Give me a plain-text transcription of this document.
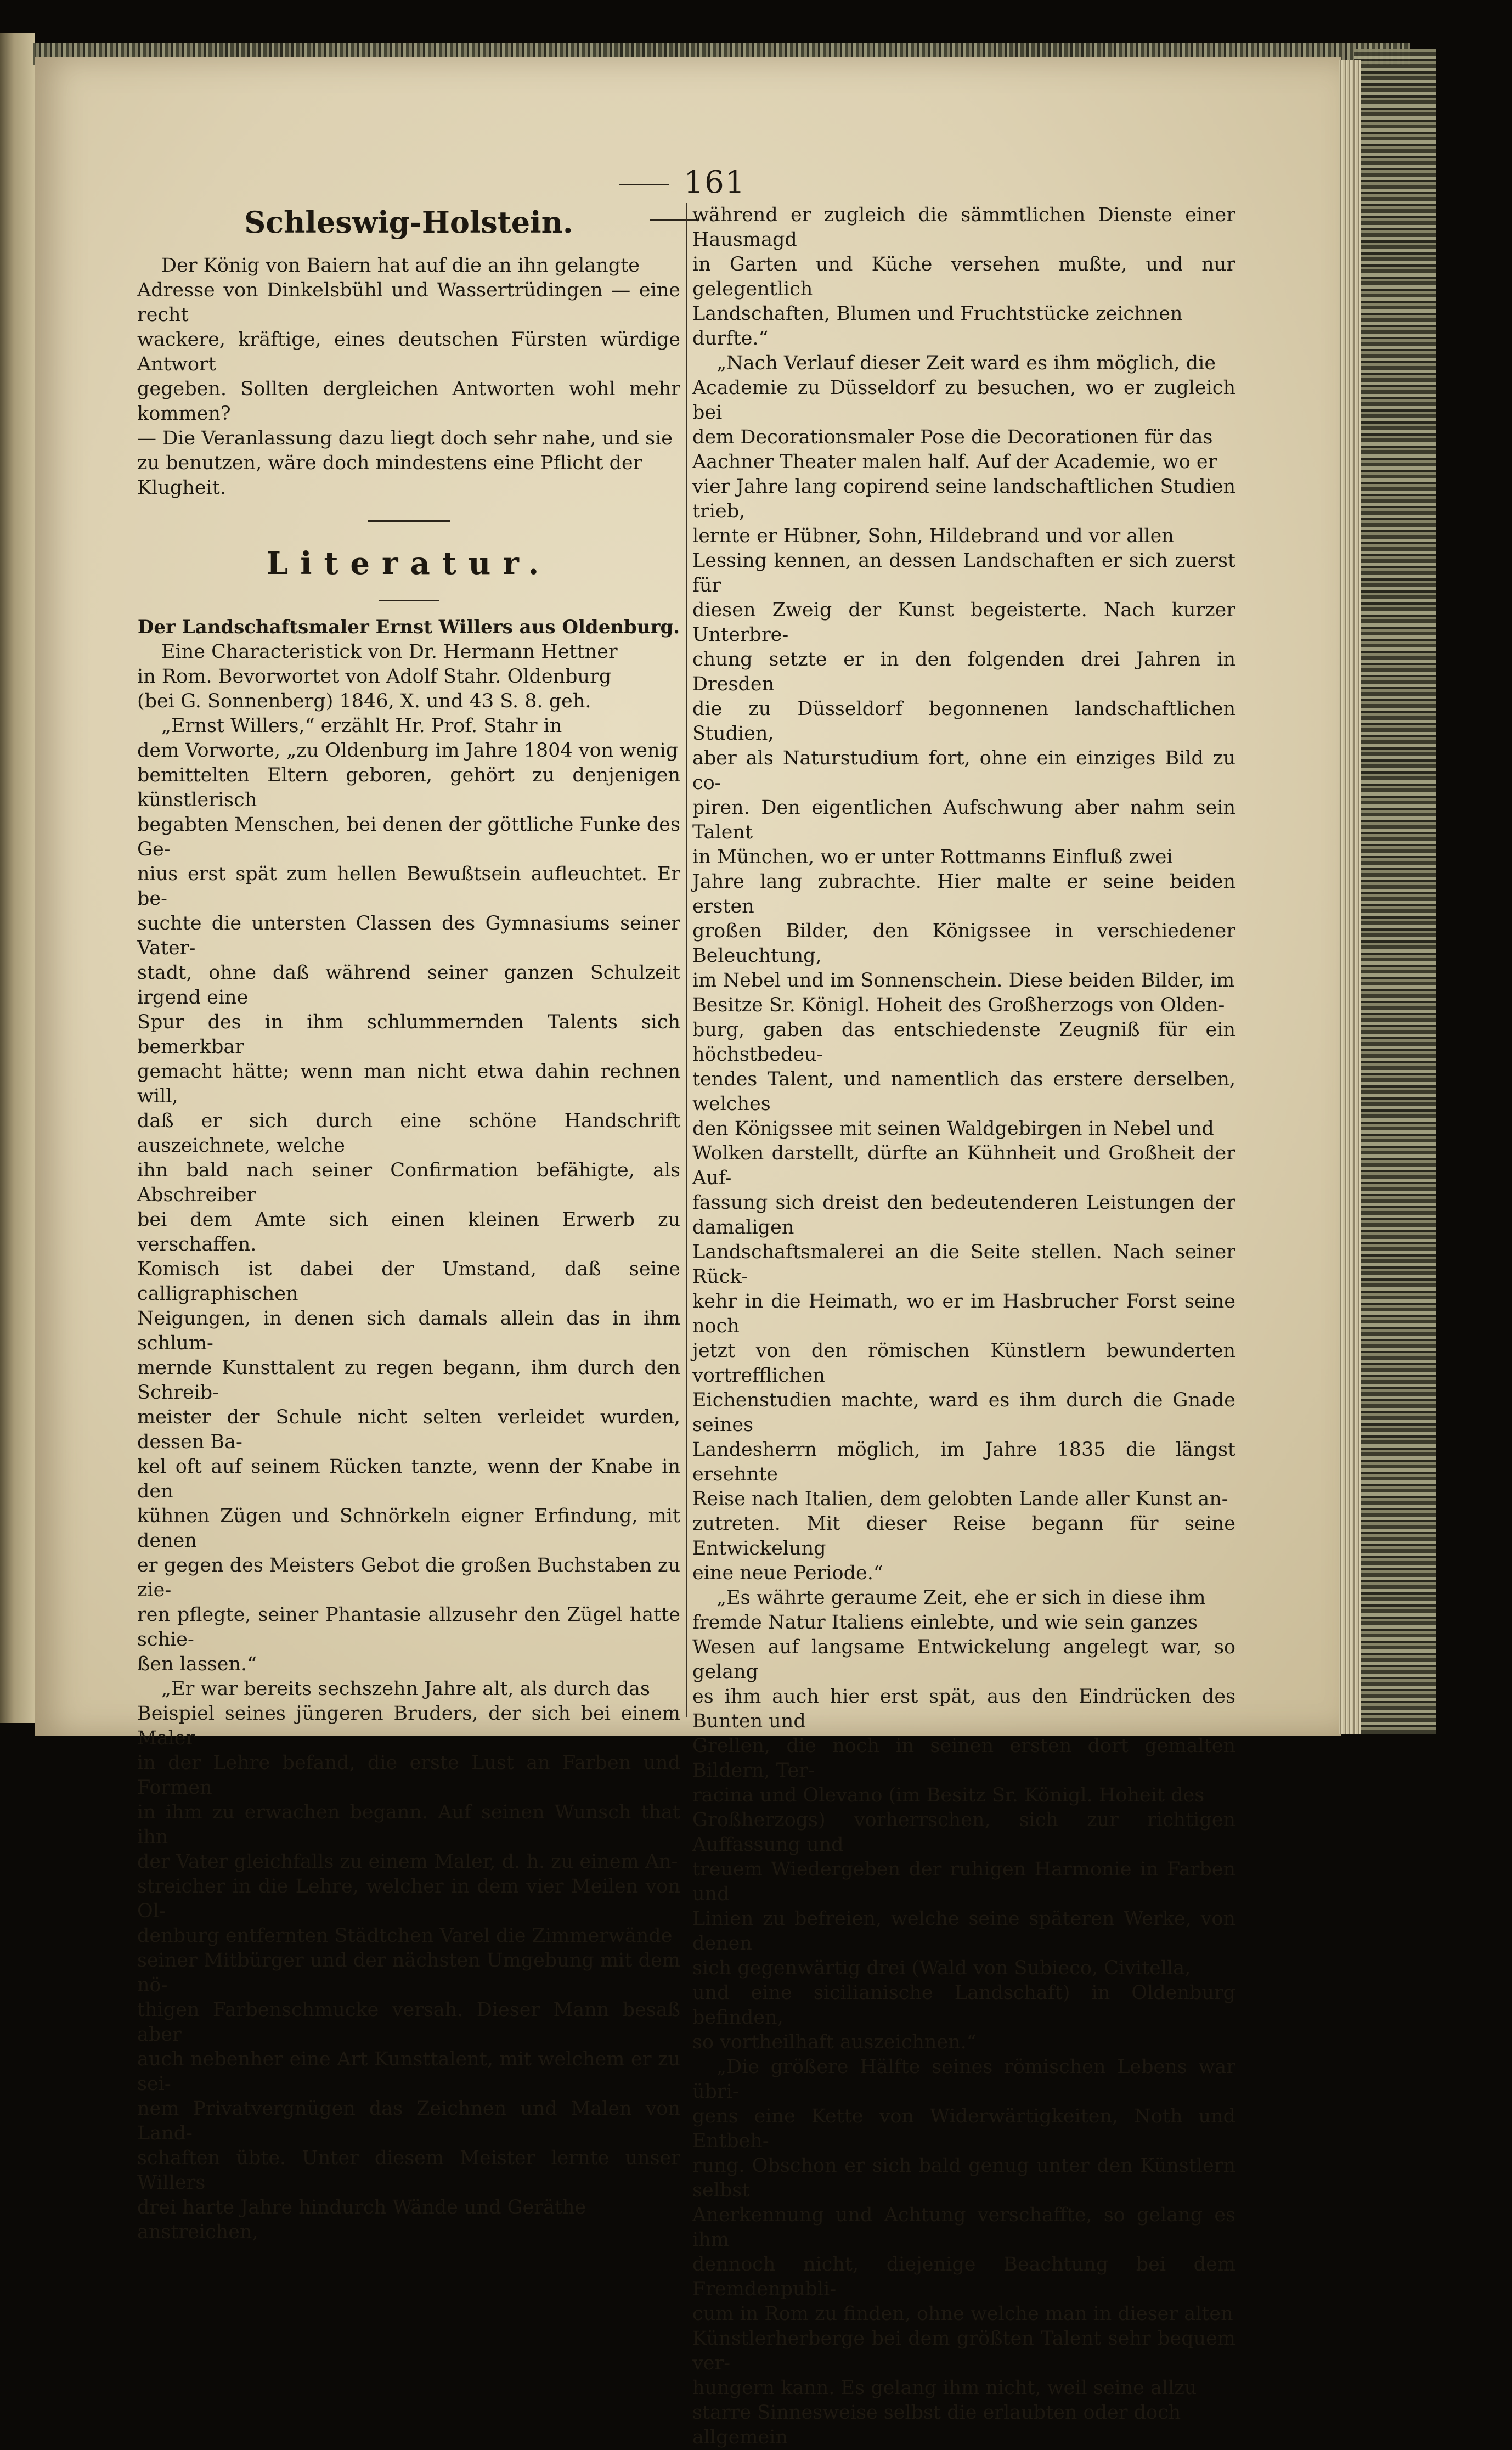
161
Schleswig-Holstein.

Der König von Baiern hat auf die an ihn gelangte

Adresse von Dinkelsbühl und Wassertrüdingen — eine recht

wackere, kräftige, eines deutschen Fürsten würdige Antwort

gegeben. Sollten dergleichen Antworten wohl mehr kommen?

— Die Veranlassung dazu liegt doch sehr nahe, und sie

zu benutzen, wäre doch mindestens eine Pflicht der

Klugheit.

Literatur.
Der Landschaftsmaler Ernst Willers aus Oldenburg.

Eine Characteristick von Dr. Hermann Hettner

in Rom. Bevorwortet von Adolf Stahr. Oldenburg

(bei G. Sonnenberg) 1846, X. und 43 S. 8. geh.

„Ernst Willers,“ erzählt Hr. Prof. Stahr in

dem Vorworte, „zu Oldenburg im Jahre 1804 von wenig

bemittelten Eltern geboren, gehört zu denjenigen künstlerisch

begabten Menschen, bei denen der göttliche Funke des Ge-

nius erst spät zum hellen Bewußtsein aufleuchtet. Er be-

suchte die untersten Classen des Gymnasiums seiner Vater-

stadt, ohne daß während seiner ganzen Schulzeit irgend eine

Spur des in ihm schlummernden Talents sich bemerkbar

gemacht hätte; wenn man nicht etwa dahin rechnen will,

daß er sich durch eine schöne Handschrift auszeichnete, welche

ihn bald nach seiner Confirmation befähigte, als Abschreiber

bei dem Amte sich einen kleinen Erwerb zu verschaffen.

Komisch ist dabei der Umstand, daß seine calligraphischen

Neigungen, in denen sich damals allein das in ihm schlum-

mernde Kunsttalent zu regen begann, ihm durch den Schreib-

meister der Schule nicht selten verleidet wurden, dessen Ba-

kel oft auf seinem Rücken tanzte, wenn der Knabe in den

kühnen Zügen und Schnörkeln eigner Erfindung, mit denen

er gegen des Meisters Gebot die großen Buchstaben zu zie-

ren pflegte, seiner Phantasie allzusehr den Zügel hatte schie-

ßen lassen.“

„Er war bereits sechszehn Jahre alt, als durch das

Beispiel seines jüngeren Bruders, der sich bei einem Maler

in der Lehre befand, die erste Lust an Farben und Formen

in ihm zu erwachen begann. Auf seinen Wunsch that ihn

der Vater gleichfalls zu einem Maler, d. h. zu einem An-

streicher in die Lehre, welcher in dem vier Meilen von Ol-

denburg entfernten Städtchen Varel die Zimmerwände

seiner Mitbürger und der nächsten Umgebung mit dem nö-

thigen Farbenschmucke versah. Dieser Mann besaß aber

auch nebenher eine Art Kunsttalent, mit welchem er zu sei-

nem Privatvergnügen das Zeichnen und Malen von Land-

schaften übte. Unter diesem Meister lernte unser Willers

drei harte Jahre hindurch Wände und Geräthe anstreichen,

während er zugleich die sämmtlichen Dienste einer Hausmagd

in Garten und Küche versehen mußte, und nur gelegentlich

Landschaften, Blumen und Fruchtstücke zeichnen durfte.“

„Nach Verlauf dieser Zeit ward es ihm möglich, die

Academie zu Düsseldorf zu besuchen, wo er zugleich bei

dem Decorationsmaler Pose die Decorationen für das

Aachner Theater malen half. Auf der Academie, wo er

vier Jahre lang copirend seine landschaftlichen Studien trieb,

lernte er Hübner, Sohn, Hildebrand und vor allen

Lessing kennen, an dessen Landschaften er sich zuerst für

diesen Zweig der Kunst begeisterte. Nach kurzer Unterbre-

chung setzte er in den folgenden drei Jahren in Dresden

die zu Düsseldorf begonnenen landschaftlichen Studien,

aber als Naturstudium fort, ohne ein einziges Bild zu co-

piren. Den eigentlichen Aufschwung aber nahm sein Talent

in München, wo er unter Rottmanns Einfluß zwei

Jahre lang zubrachte. Hier malte er seine beiden ersten

großen Bilder, den Königssee in verschiedener Beleuchtung,

im Nebel und im Sonnenschein. Diese beiden Bilder, im

Besitze Sr. Königl. Hoheit des Großherzogs von Olden-

burg, gaben das entschiedenste Zeugniß für ein höchstbedeu-

tendes Talent, und namentlich das erstere derselben, welches

den Königssee mit seinen Waldgebirgen in Nebel und

Wolken darstellt, dürfte an Kühnheit und Großheit der Auf-

fassung sich dreist den bedeutenderen Leistungen der damaligen

Landschaftsmalerei an die Seite stellen. Nach seiner Rück-

kehr in die Heimath, wo er im Hasbrucher Forst seine noch

jetzt von den römischen Künstlern bewunderten vortrefflichen

Eichenstudien machte, ward es ihm durch die Gnade seines

Landesherrn möglich, im Jahre 1835 die längst ersehnte

Reise nach Italien, dem gelobten Lande aller Kunst an-

zutreten. Mit dieser Reise begann für seine Entwickelung

eine neue Periode.“

„Es währte geraume Zeit, ehe er sich in diese ihm

fremde Natur Italiens einlebte, und wie sein ganzes

Wesen auf langsame Entwickelung angelegt war, so gelang

es ihm auch hier erst spät, aus den Eindrücken des Bunten und

Grellen, die noch in seinen ersten dort gemalten Bildern, Ter-

racina und Olevano (im Besitz Sr. Königl. Hoheit des

Großherzogs) vorherrschen, sich zur richtigen Auffassung und

treuem Wiedergeben der ruhigen Harmonie in Farben und

Linien zu befreien, welche seine späteren Werke, von denen

sich gegenwärtig drei (Wald von Subieco, Civitella,

und eine sicilianische Landschaft) in Oldenburg befinden,

so vortheilhaft auszeichnen.“

„Die größere Hälfte seines römischen Lebens war übri-

gens eine Kette von Widerwärtigkeiten, Noth und Entbeh-

rung. Obschon er sich bald genug unter den Künstlern selbst

Anerkennung und Achtung verschaffte, so gelang es ihm

dennoch nicht, diejenige Beachtung bei dem Fremdenpubli-

cum in Rom zu finden, ohne welche man in dieser alten

Künstlerherberge bei dem größten Talent sehr bequem ver-

hungern kann. Es gelang ihm nicht, weil seine allzu

starre Sinnesweise selbst die erlaubten oder doch allgemein
